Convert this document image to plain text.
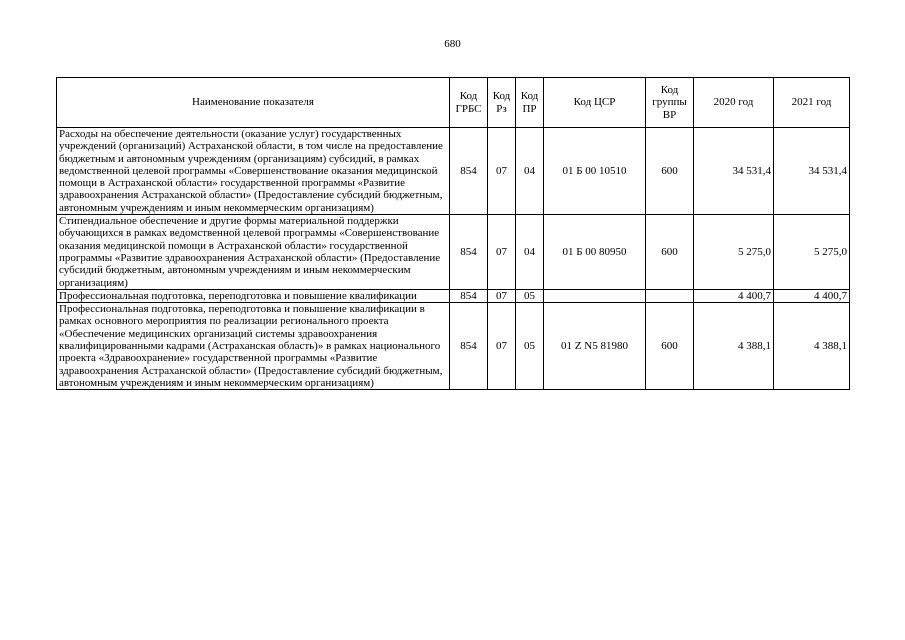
680
Наименование показателя	Код ГРБС	Код Рз	Код ПР	Код ЦСР	Код группы ВР	2020 год	2021 год
Расходы на обеспечение деятельности (оказание услуг) государственных учреждений (организаций) Астраханской области, в том числе на предоставление бюджетным и автономным учреждениям (организациям) субсидий, в рамках ведомственной целевой программы «Совершенствование оказания медицинской помощи в Астраханской области» государственной программы «Развитие здравоохранения Астраханской области» (Предоставление субсидий бюджетным, автономным учреждениям и иным некоммерческим организациям)	854	07	04	01 Б 00 10510	600	34 531,4	34 531,4
Стипендиальное обеспечение и другие формы материальной поддержки обучающихся в рамках ведомственной целевой программы «Совершенствование оказания медицинской помощи в Астраханской области» государственной программы «Развитие здравоохранения Астраханской области» (Предоставление субсидий бюджетным, автономным учреждениям и иным некоммерческим организациям)	854	07	04	01 Б 00 80950	600	5 275,0	5 275,0
Профессиональная подготовка, переподготовка и повышение квалификации	854	07	05			4 400,7	4 400,7
Профессиональная подготовка, переподготовка и повышение квалификации в рамках основного мероприятия по реализации регионального проекта «Обеспечение медицинских организаций системы здравоохранения квалифицированными кадрами (Астраханская область)» в рамках национального проекта «Здравоохранение» государственной программы «Развитие здравоохранения Астраханской области» (Предоставление субсидий бюджетным, автономным учреждениям и иным некоммерческим организациям)	854	07	05	01 Z N5 81980	600	4 388,1	4 388,1
